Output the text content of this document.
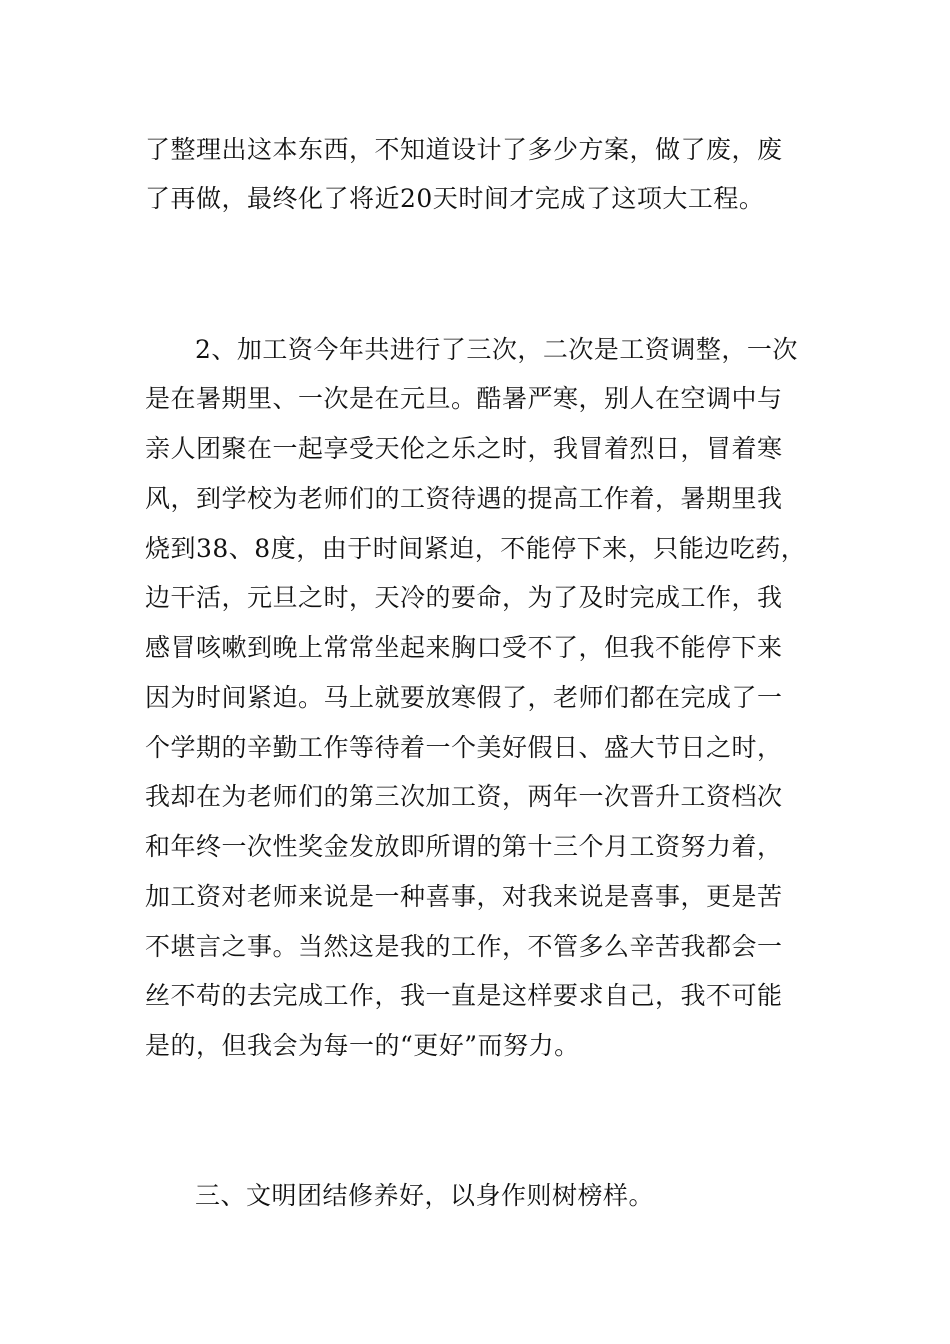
了整理出这本东西，不知道设计了多少方案，做了废，废
了再做，最终化了将近20天时间才完成了这项大工程。
2、加工资今年共进行了三次，二次是工资调整，一次
是在暑期里、一次是在元旦。酷暑严寒，别人在空调中与
亲人团聚在一起享受天伦之乐之时，我冒着烈日，冒着寒
风，到学校为老师们的工资待遇的提高工作着，暑期里我
烧到38、8度，由于时间紧迫，不能停下来，只能边吃药，
边干活，元旦之时，天冷的要命，为了及时完成工作，我
感冒咳嗽到晚上常常坐起来胸口受不了，但我不能停下来
因为时间紧迫。马上就要放寒假了，老师们都在完成了一
个学期的辛勤工作等待着一个美好假日、盛大节日之时，
我却在为老师们的第三次加工资，两年一次晋升工资档次
和年终一次性奖金发放即所谓的第十三个月工资努力着，
加工资对老师来说是一种喜事，对我来说是喜事，更是苦
不堪言之事。当然这是我的工作，不管多么辛苦我都会一
丝不苟的去完成工作，我一直是这样要求自己，我不可能
是的，但我会为每一的“更好”而努力。
三、文明团结修养好，以身作则树榜样。
